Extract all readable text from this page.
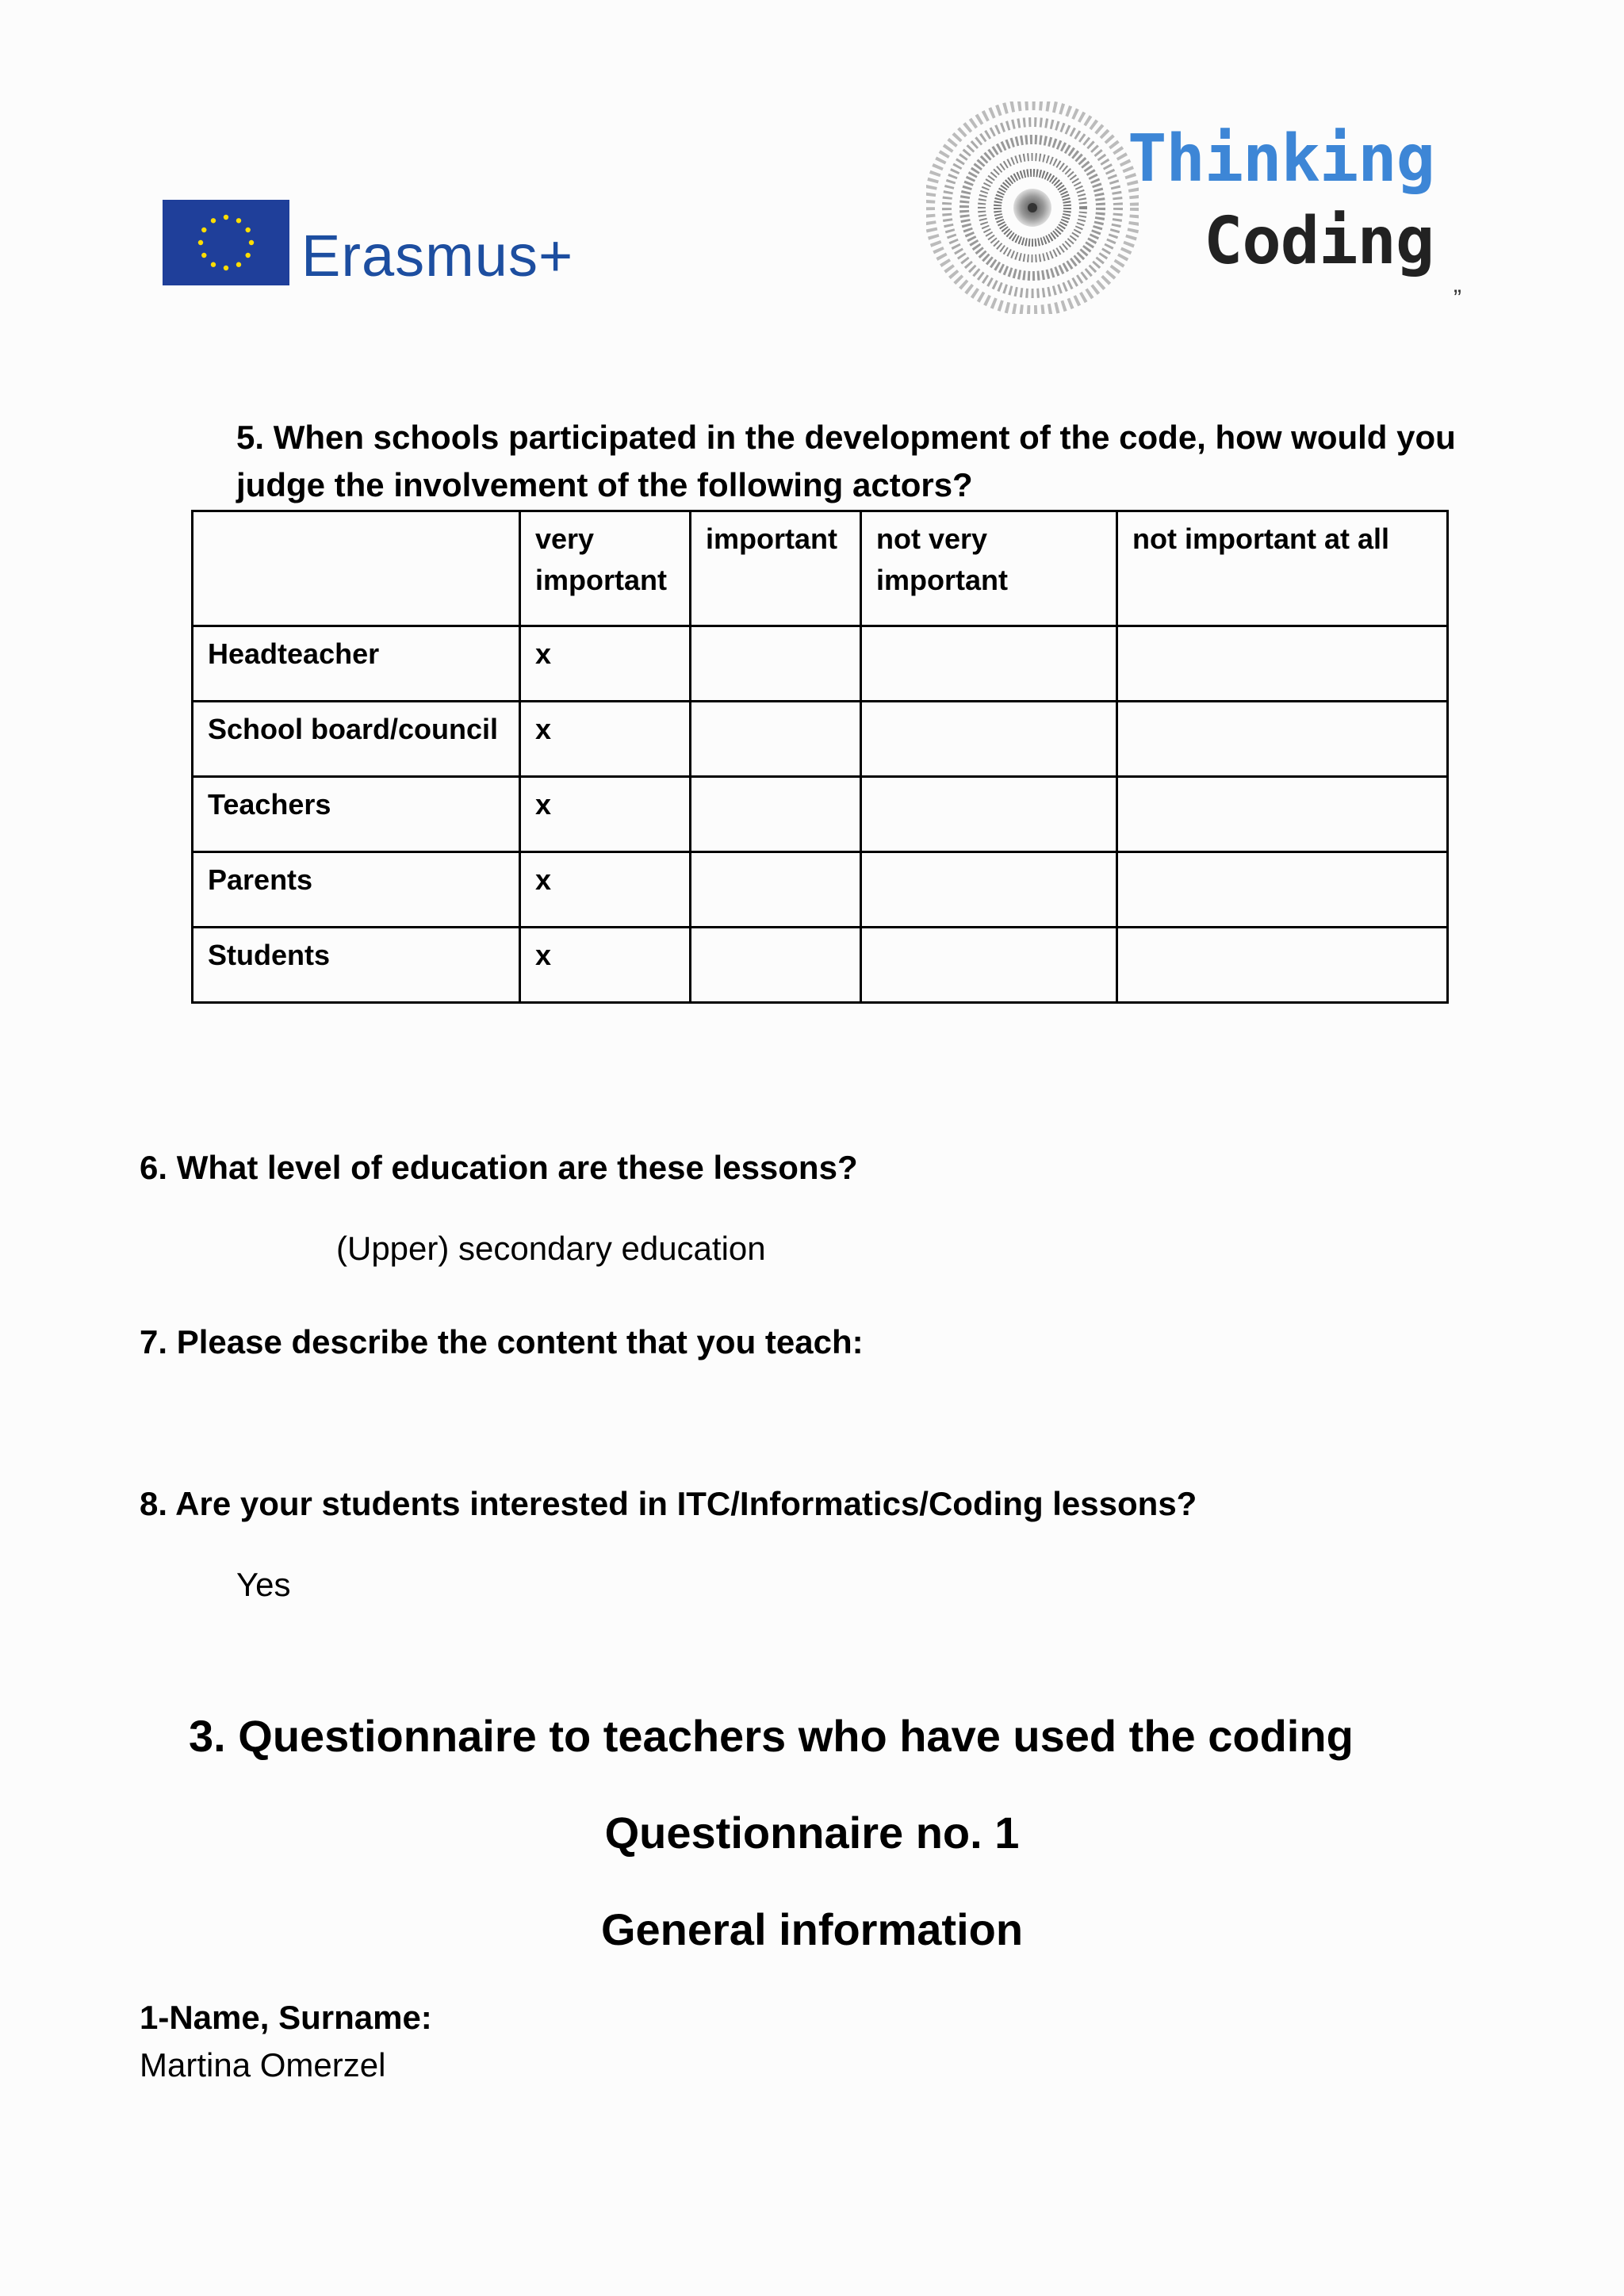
Erasmus+
Thinking
Coding
”
5. When schools participated in the development of the code, how would you judge the involvement of the following actors?
	very important	important	not very important	not important at all
Headteacher	x			
School board/council	x			
Teachers	x			
Parents	x			
Students	x			
6. What level of education are these lessons?
(Upper) secondary education
7. Please describe the content that you teach:
8. Are your students interested in ITC/Informatics/Coding lessons?
Yes
3. Questionnaire to teachers who have used the coding
Questionnaire no. 1
General information
1-Name, Surname:
Martina Omerzel
